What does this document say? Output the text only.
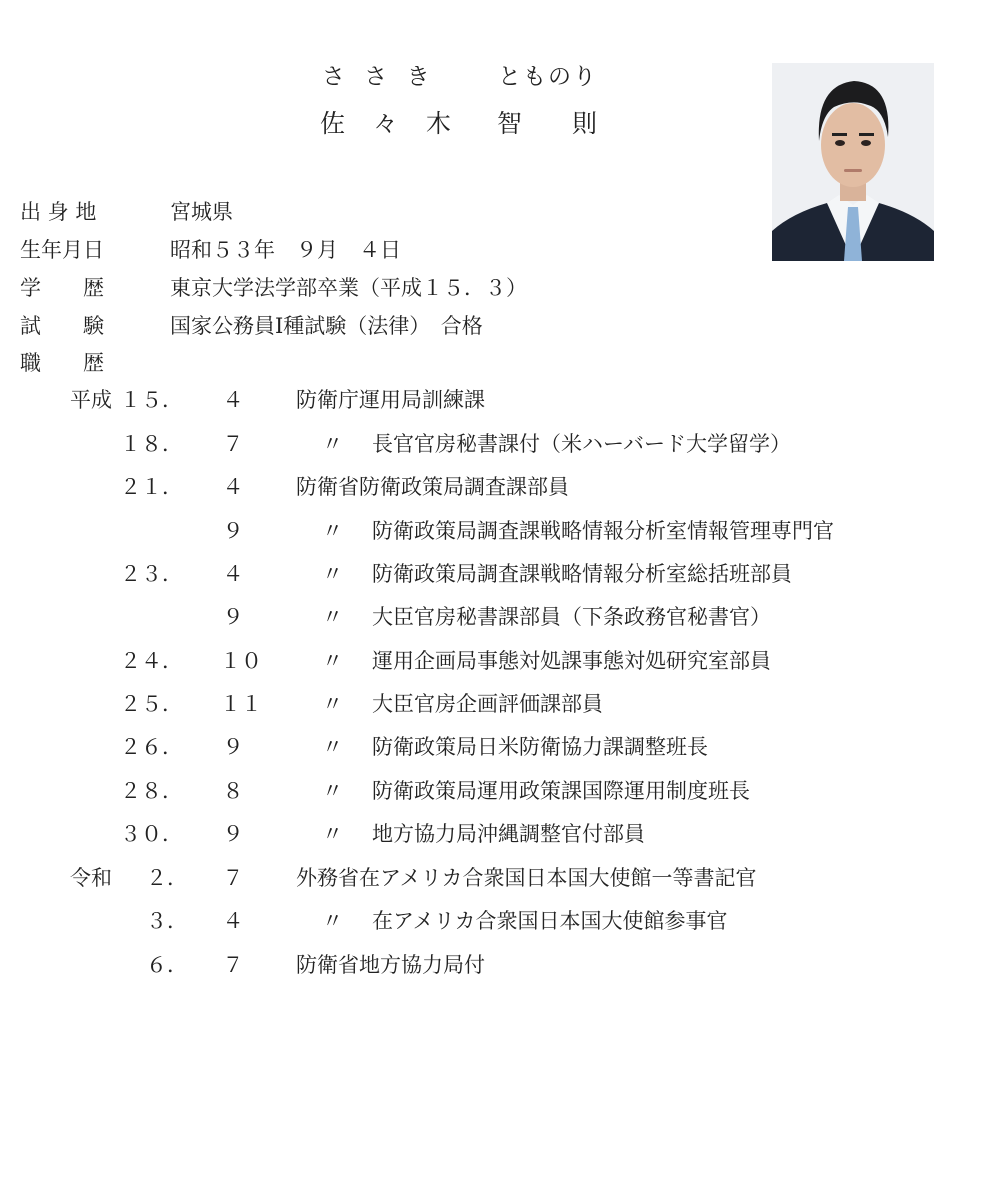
さ さ き	とものり
佐 々 木 智　　則
出 身 地	宮城県
生年月日	昭和５３年　９月　４日
学　　歴	東京大学法学部卒業（平成１５．３）
試　　験	国家公務員Ⅰ種試験（法律）　合格
職　　歴
平成 １５． ４	防衛庁運用局訓練課
１８． ７	〃 長官官房秘書課付（米ハーバード大学留学）
２１． ４	防衛省防衛政策局調査課部員
９	〃 防衛政策局調査課戦略情報分析室情報管理専門官
２３． ４	〃 防衛政策局調査課戦略情報分析室総括班部員
９	〃 大臣官房秘書課部員（下条政務官秘書官）
２４． １０	〃 運用企画局事態対処課事態対処研究室部員
２５． １１	〃 大臣官房企画評価課部員
２６． ９	〃 防衛政策局日米防衛協力課調整班長
２８． ８	〃 防衛政策局運用政策課国際運用制度班長
３０． ９	〃 地方協力局沖縄調整官付部員
令和 ２． ７	外務省在アメリカ合衆国日本国大使館一等書記官
３． ４	〃 在アメリカ合衆国日本国大使館参事官
６． ７	防衛省地方協力局付
